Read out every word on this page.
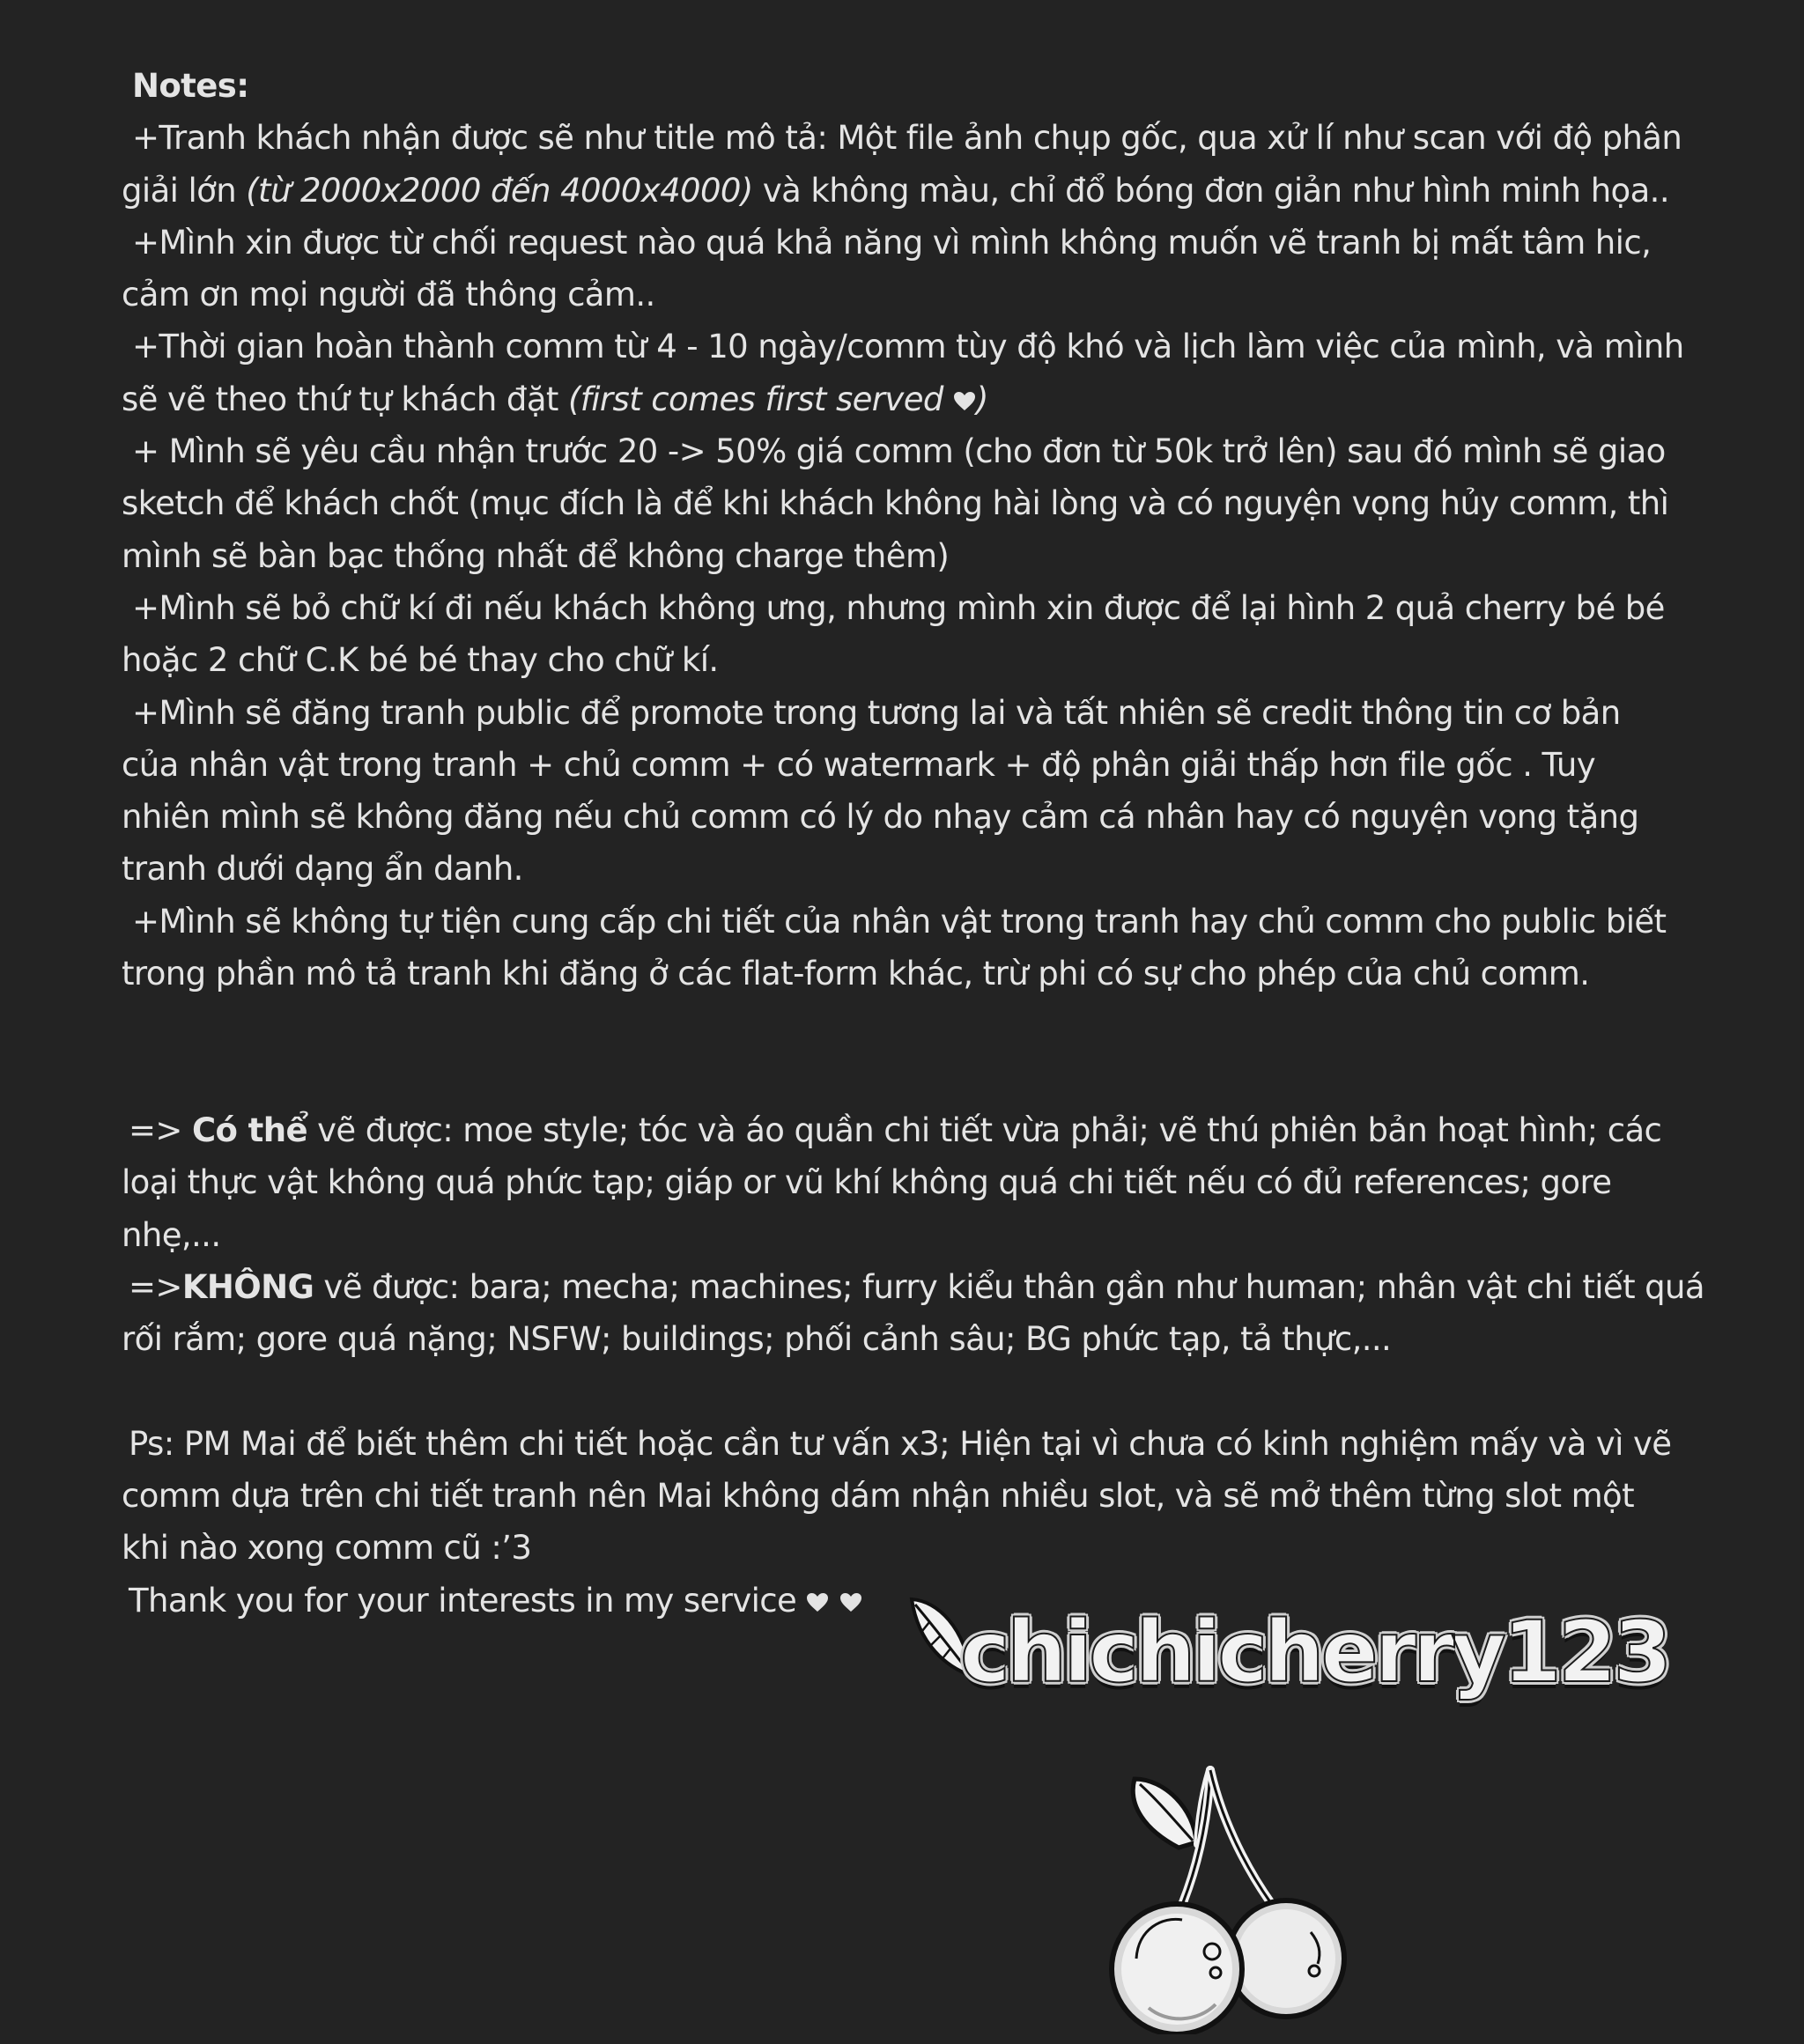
Notes:
+Tranh khách nhận được sẽ như title mô tả: Một file ảnh chụp gốc, qua xử lí như scan với độ phân
giải lớn (từ 2000x2000 đến 4000x4000) và không màu, chỉ đổ bóng đơn giản như hình minh họa..
+Mình xin được từ chối request nào quá khả năng vì mình không muốn vẽ tranh bị mất tâm hic,
cảm ơn mọi người đã thông cảm..
+Thời gian hoàn thành comm từ 4 - 10 ngày/comm tùy độ khó và lịch làm việc của mình, và mình
sẽ vẽ theo thứ tự khách đặt (first comes first served )
+ Mình sẽ yêu cầu nhận trước 20 -> 50% giá comm (cho đơn từ 50k trở lên) sau đó mình sẽ giao
sketch để khách chốt (mục đích là để khi khách không hài lòng và có nguyện vọng hủy comm, thì
mình sẽ bàn bạc thống nhất để không charge thêm)
+Mình sẽ bỏ chữ kí đi nếu khách không ưng, nhưng mình xin được để lại hình 2 quả cherry bé bé
hoặc 2 chữ C.K bé bé thay cho chữ kí.
+Mình sẽ đăng tranh public để promote trong tương lai và tất nhiên sẽ credit thông tin cơ bản
của nhân vật trong tranh + chủ comm + có watermark + độ phân giải thấp hơn file gốc . Tuy
nhiên mình sẽ không đăng nếu chủ comm có lý do nhạy cảm cá nhân hay có nguyện vọng tặng
tranh dưới dạng ẩn danh.
+Mình sẽ không tự tiện cung cấp chi tiết của nhân vật trong tranh hay chủ comm cho public biết
trong phần mô tả tranh khi đăng ở các flat-form khác, trừ phi có sự cho phép của chủ comm.
=> Có thể vẽ được: moe style; tóc và áo quần chi tiết vừa phải; vẽ thú phiên bản hoạt hình; các
loại thực vật không quá phức tạp; giáp or vũ khí không quá chi tiết nếu có đủ references; gore
nhẹ,...
=>KHÔNG vẽ được: bara; mecha; machines; furry kiểu thân gần như human; nhân vật chi tiết quá
rối rắm; gore quá nặng; NSFW; buildings; phối cảnh sâu; BG phức tạp, tả thực,...
Ps: PM Mai để biết thêm chi tiết hoặc cần tư vấn x3; Hiện tại vì chưa có kinh nghiệm mấy và vì vẽ
comm dựa trên chi tiết tranh nên Mai không dám nhận nhiều slot, và sẽ mở thêm từng slot một
khi nào xong comm cũ :’3
Thank you for your interests in my service

chichicherry123
